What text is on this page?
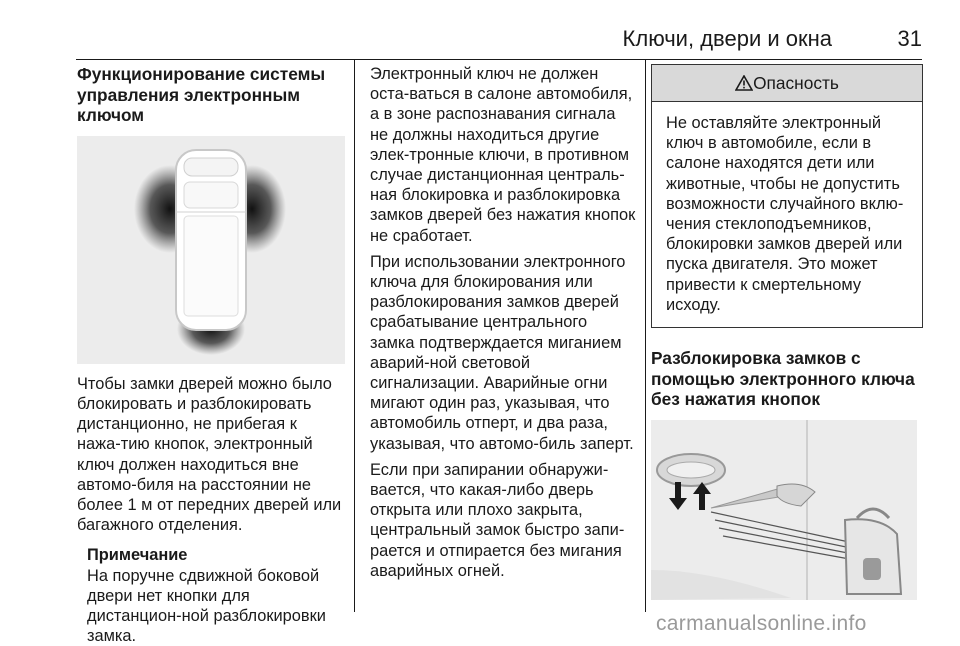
Ключи, двери и окна	31
Функционирование системы управления электронным ключом

Чтобы замки дверей можно было блокировать и разблокировать дистанционно, не прибегая к нажа-тию кнопок, электронный ключ должен находиться вне автомо-биля на расстоянии не более 1 м от передних дверей или багажного отделения.

Примечание
На поручне сдвижной боковой двери нет кнопки для дистанцион-ной разблокировки замка.

Электронный ключ не должен оста-ваться в салоне автомобиля, а в зоне распознавания сигнала не должны находиться другие элек-тронные ключи, в противном случае дистанционная централь-ная блокировка и разблокировка замков дверей без нажатия кнопок не сработает.

При использовании электронного ключа для блокирования или разблокирования замков дверей срабатывание центрального замка подтверждается миганием аварий-ной световой сигнализации. Аварийные огни мигают один раз, указывая, что автомобиль отперт, и два раза, указывая, что автомо-биль заперт.

Если при запирании обнаружи-вается, что какая-либо дверь открыта или плохо закрыта, центральный замок быстро запи-рается и отпирается без мигания аварийных огней.

Опасность
Не оставляйте электронный ключ в автомобиле, если в салоне находятся дети или животные, чтобы не допустить возможности случайного вклю-чения стеклоподъемников, блокировки замков дверей или пуска двигателя. Это может привести к смертельному исходу.
Разблокировка замков с помощью электронного ключа без нажатия кнопок
carmanualsonline.info
